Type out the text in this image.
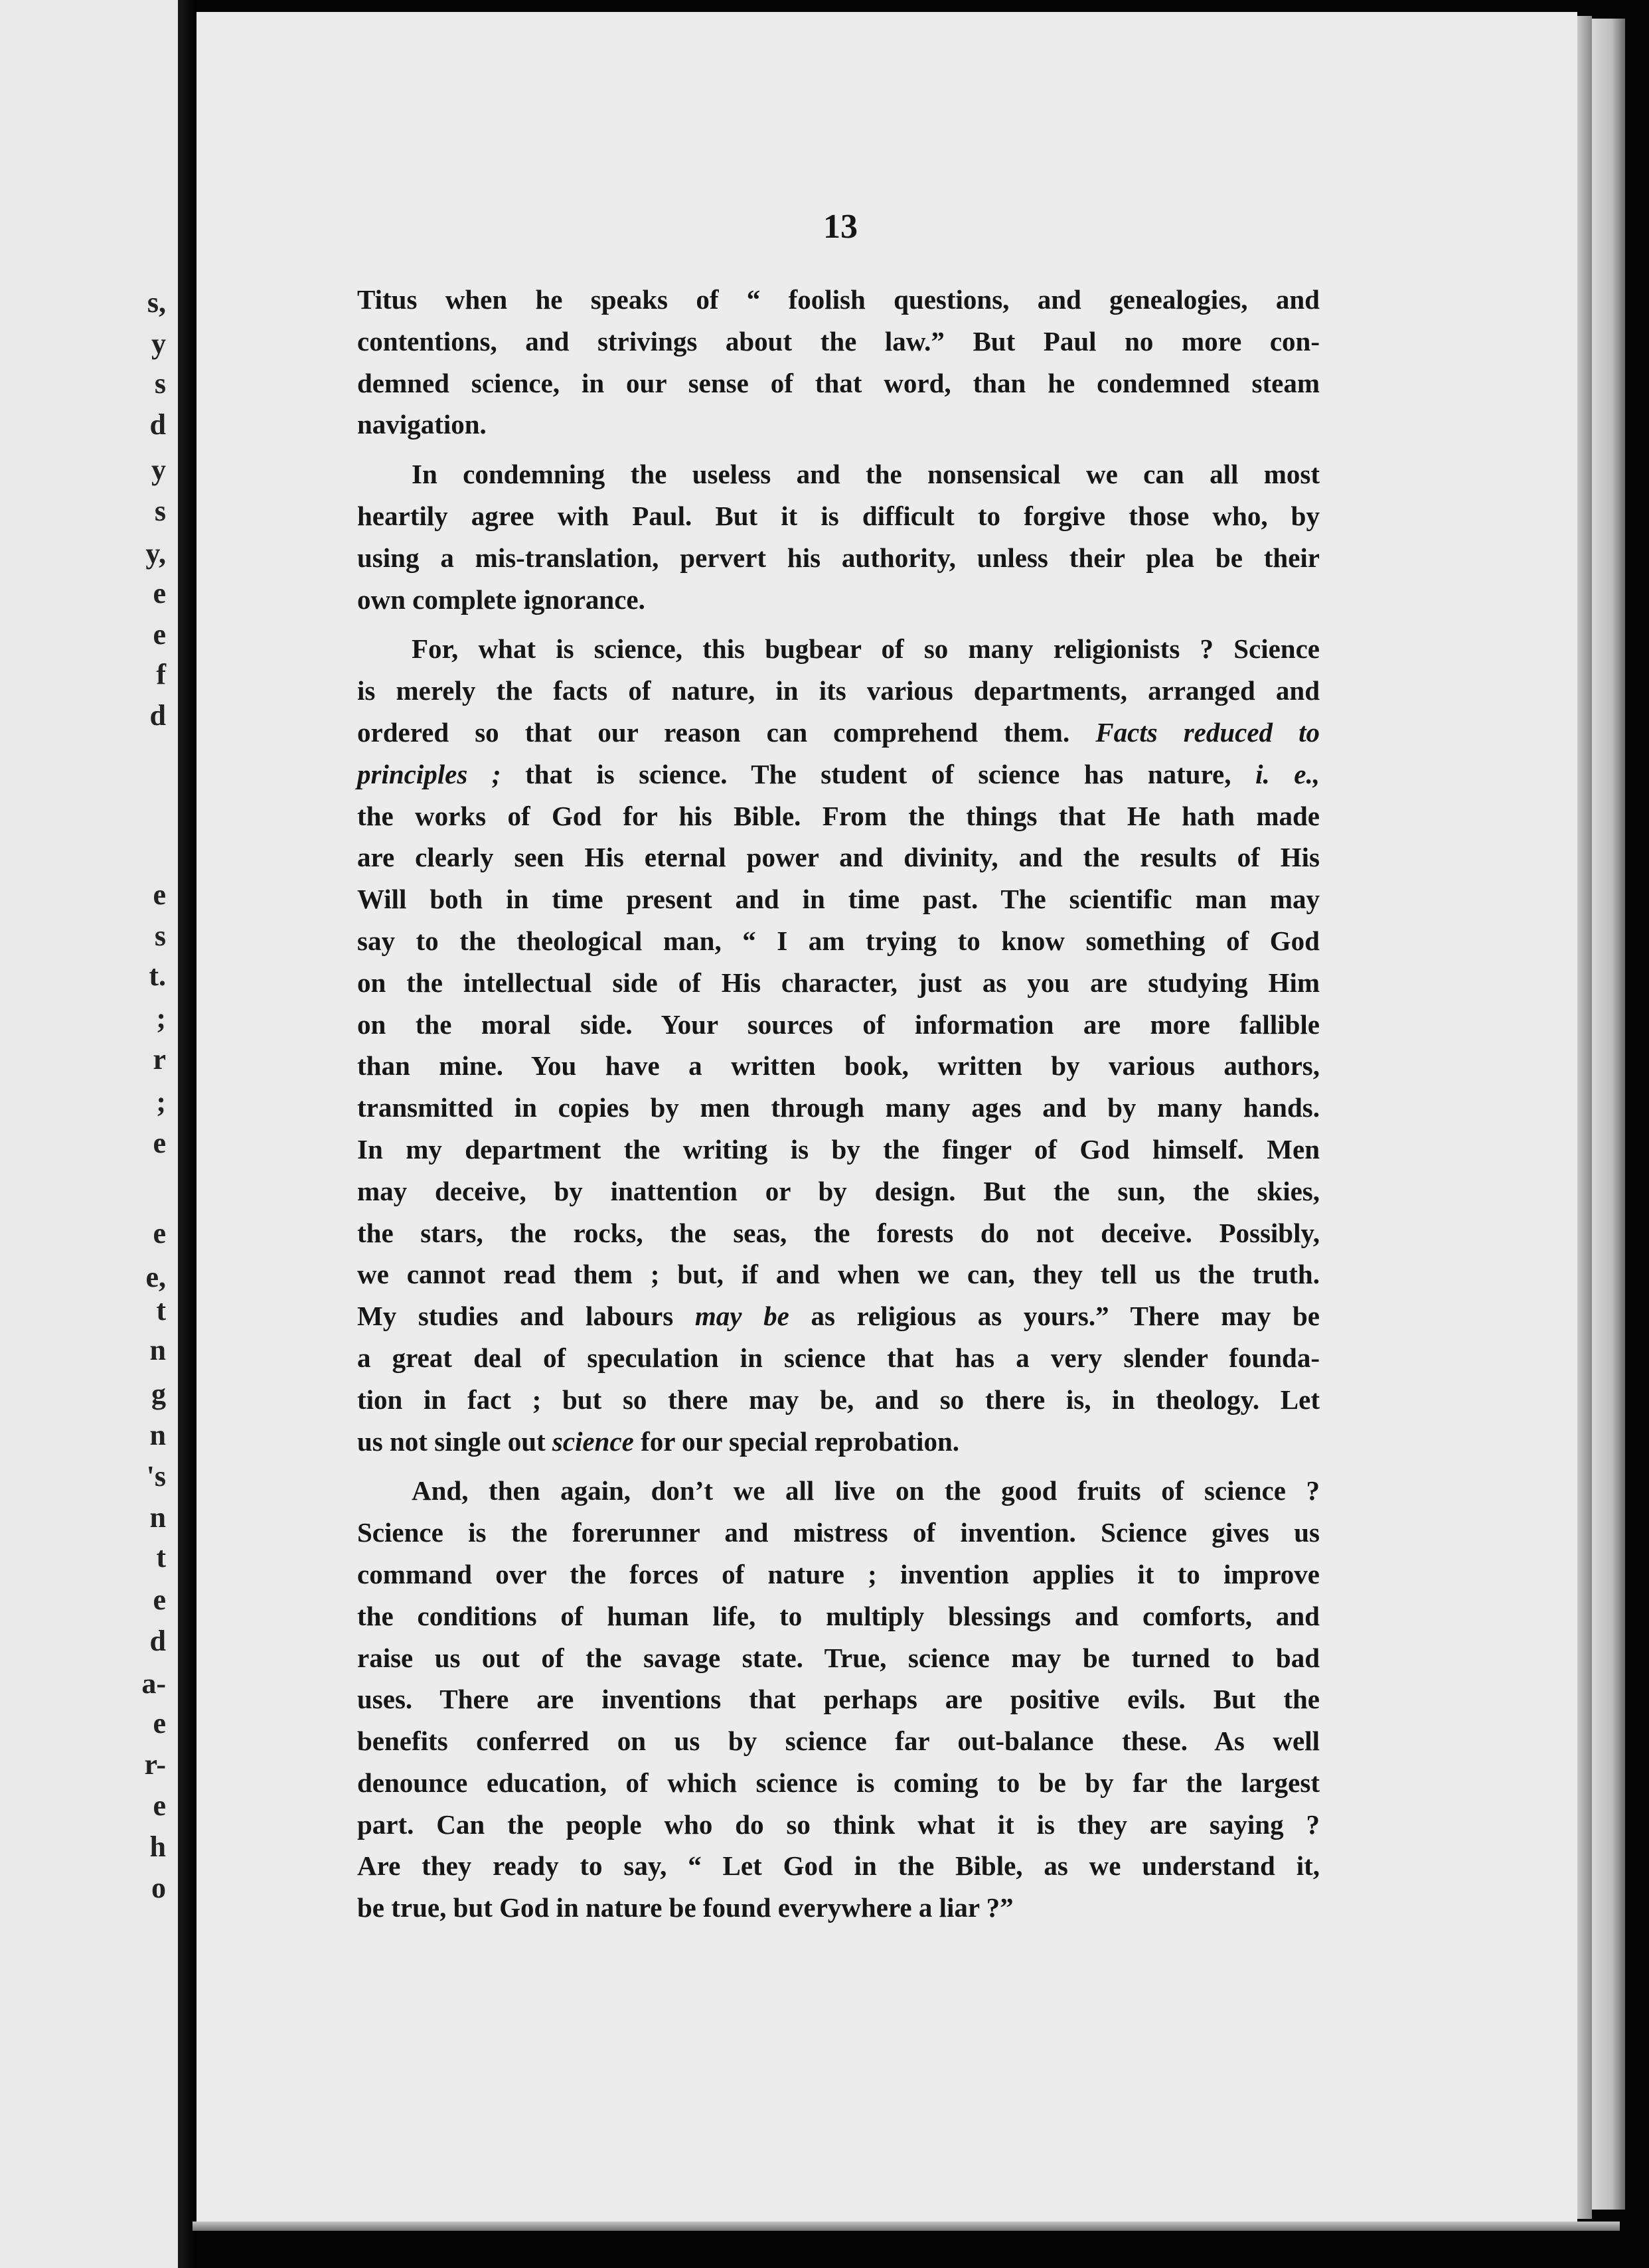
s,
y
s
d
y
s
y,
e
e
f
d
e
s
t.
;
r
;
e
e
e,
t
n
g
n
's
n
t
e
d
a-
e
r-
e
h
o
13
Titus when he speaks of “ foolish questions, and genealogies, and
contentions, and strivings about the law.” But Paul no more con-
demned science, in our sense of that word, than he condemned steam
navigation.
In condemning the useless and the nonsensical we can all most
heartily agree with Paul. But it is difficult to forgive those who, by
using a mis-translation, pervert his authority, unless their plea be their
own complete ignorance.
For, what is science, this bugbear of so many religionists ? Science
is merely the facts of nature, in its various departments, arranged and
ordered so that our reason can comprehend them. Facts reduced to
principles ; that is science. The student of science has nature, i. e.,
the works of God for his Bible. From the things that He hath made
are clearly seen His eternal power and divinity, and the results of His
Will both in time present and in time past. The scientific man may
say to the theological man, “ I am trying to know something of God
on the intellectual side of His character, just as you are studying Him
on the moral side. Your sources of information are more fallible
than mine. You have a written book, written by various authors,
transmitted in copies by men through many ages and by many hands.
In my department the writing is by the finger of God himself. Men
may deceive, by inattention or by design. But the sun, the skies,
the stars, the rocks, the seas, the forests do not deceive. Possibly,
we cannot read them ; but, if and when we can, they tell us the truth.
My studies and labours may be as religious as yours.” There may be
a great deal of speculation in science that has a very slender founda-
tion in fact ; but so there may be, and so there is, in theology. Let
us not single out science for our special reprobation.
And, then again, don’t we all live on the good fruits of science ?
Science is the forerunner and mistress of invention. Science gives us
command over the forces of nature ; invention applies it to improve
the conditions of human life, to multiply blessings and comforts, and
raise us out of the savage state. True, science may be turned to bad
uses. There are inventions that perhaps are positive evils. But the
benefits conferred on us by science far out-balance these. As well
denounce education, of which science is coming to be by far the largest
part. Can the people who do so think what it is they are saying ?
Are they ready to say, “ Let God in the Bible, as we understand it,
be true, but God in nature be found everywhere a liar ?”
